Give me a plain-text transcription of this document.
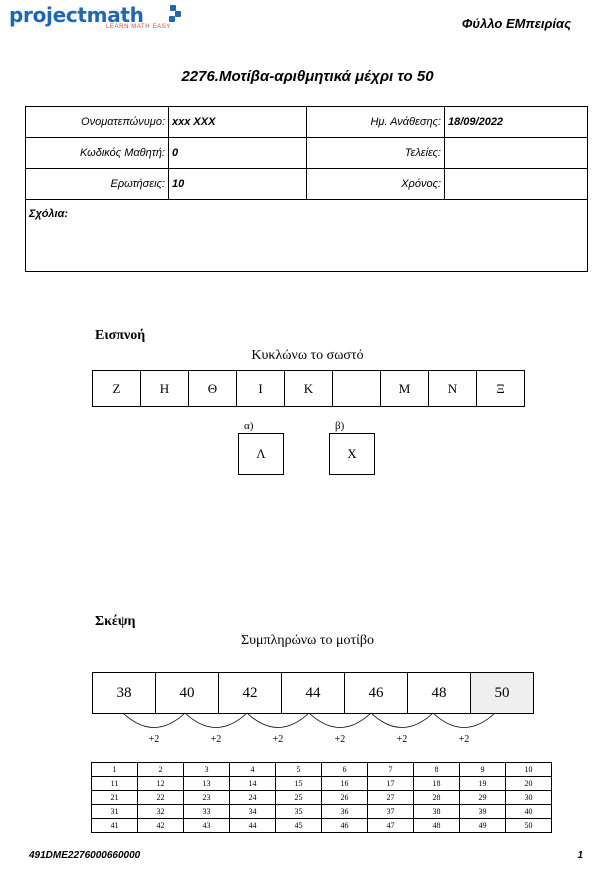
projectmath
LEARN MATH EASY	Φύλλο ΕΜπειρίας
2276.Μοτίβα-αριθμητικά μέχρι το 50
Ονοματεπώνυμο:	xxx XXX	Ημ. Ανάθεσης:	18/09/2022
Κωδικός Μαθητή:	0	Τελείες:	
Ερωτήσεις:	10	Χρόνος:	
Σχόλια:			
Εισπνοή
Κυκλώνω το σωστό
Ζ	Η	Θ	Ι	Κ	Μ	Ν	Ξ
α)
Λ
β)
Χ
Σκέψη
Συμπληρώνω το μοτίβο
38	40	42	44	46	48	50
+2	+2	+2	+2	+2	+2
1	2	3	4	5	6	7	8	9	10
11	12	13	14	15	16	17	18	19	20
21	22	23	24	25	26	27	28	29	30
31	32	33	34	35	36	37	38	39	40
41	42	43	44	45	46	47	48	49	50
491DME2276000660000	1
